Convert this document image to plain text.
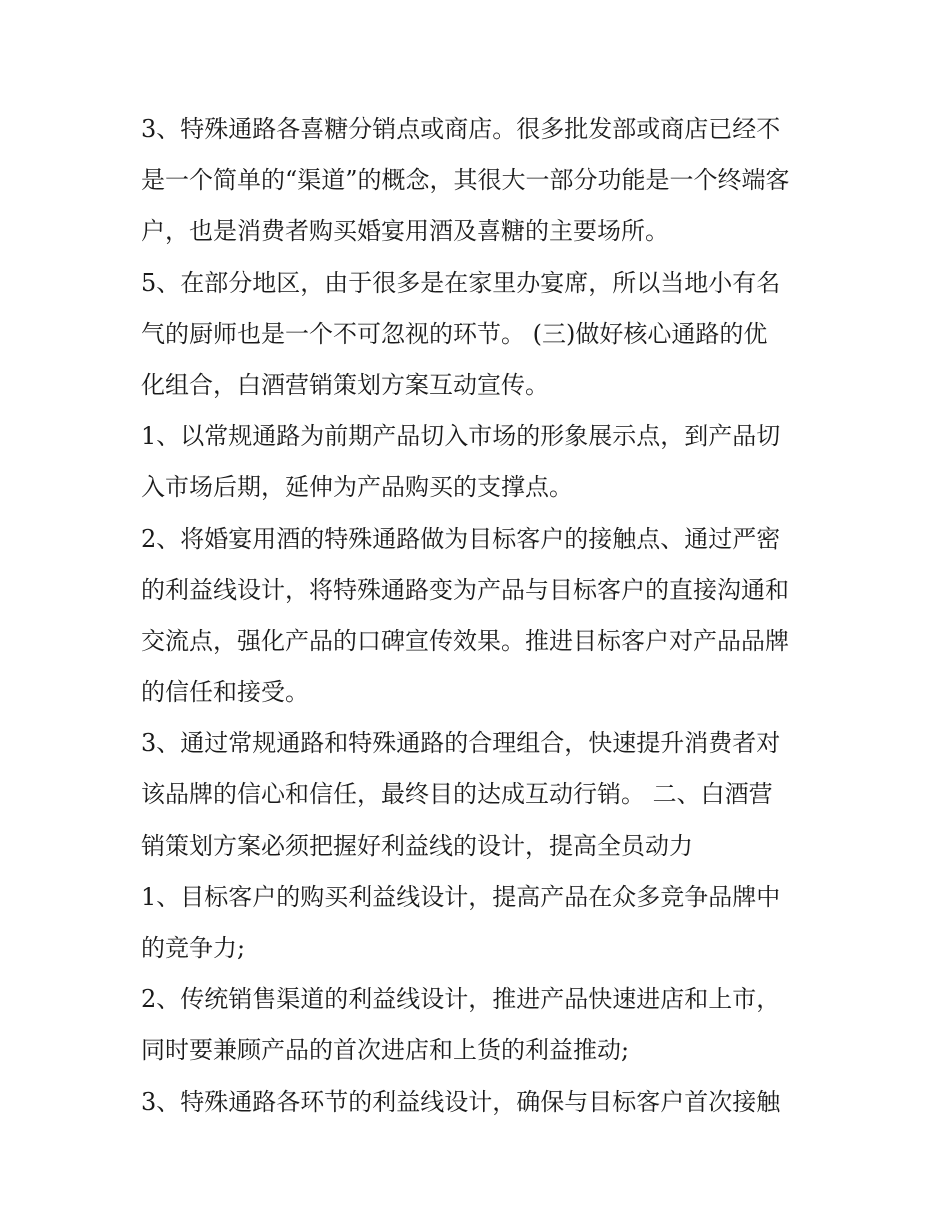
3、特殊通路各喜糖分销点或商店。很多批发部或商店已经不
是一个简单的“渠道”的概念，其很大一部分功能是一个终端客
户，也是消费者购买婚宴用酒及喜糖的主要场所。
5、在部分地区，由于很多是在家里办宴席，所以当地小有名
气的厨师也是一个不可忽视的环节。 (三)做好核心通路的优
化组合，白酒营销策划方案互动宣传。
1、以常规通路为前期产品切入市场的形象展示点，到产品切
入市场后期，延伸为产品购买的支撑点。
2、将婚宴用酒的特殊通路做为目标客户的接触点、通过严密
的利益线设计，将特殊通路变为产品与目标客户的直接沟通和
交流点，强化产品的口碑宣传效果。推进目标客户对产品品牌
的信任和接受。
3、通过常规通路和特殊通路的合理组合，快速提升消费者对
该品牌的信心和信任，最终目的达成互动行销。 二、白酒营
销策划方案必须把握好利益线的设计，提高全员动力
1、目标客户的购买利益线设计，提高产品在众多竞争品牌中
的竞争力;
2、传统销售渠道的利益线设计，推进产品快速进店和上市，
同时要兼顾产品的首次进店和上货的利益推动;
3、特殊通路各环节的利益线设计，确保与目标客户首次接触
